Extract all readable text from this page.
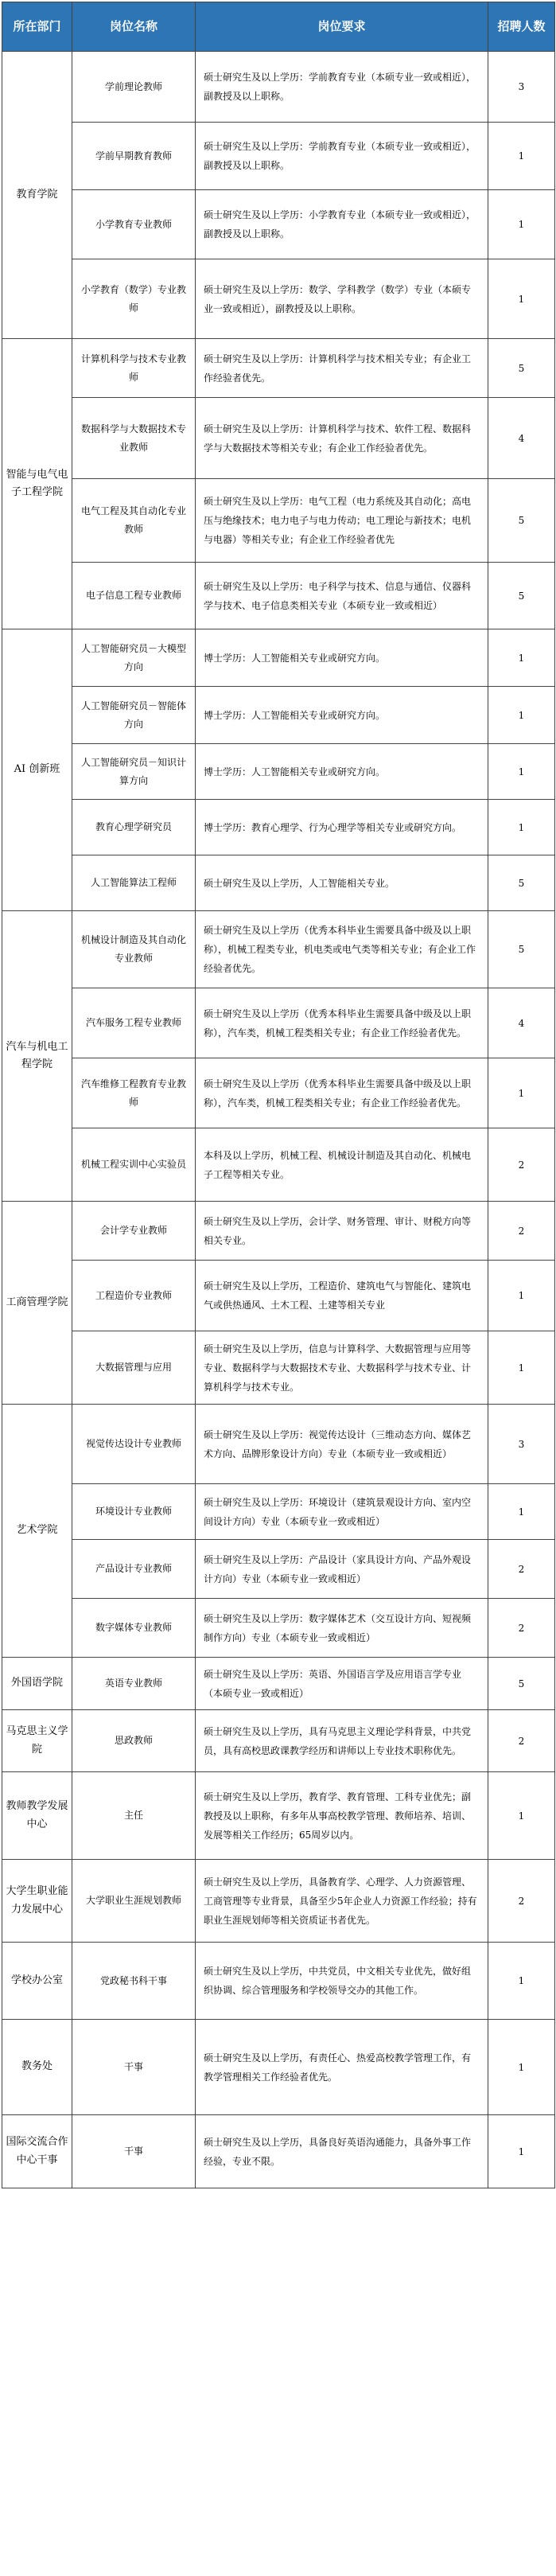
所在部门	岗位名称	岗位要求	招聘人数
教育学院	学前理论教师	硕士研究生及以上学历：学前教育专业（本硕专业一致或相近），副教授及以上职称。	3
	学前早期教育教师	硕士研究生及以上学历：学前教育专业（本硕专业一致或相近），副教授及以上职称。	1
	小学教育专业教师	硕士研究生及以上学历：小学教育专业（本硕专业一致或相近），副教授及以上职称。	1
	小学教育（数学）专业教师	硕士研究生及以上学历：数学、学科教学（数学）专业（本硕专业一致或相近），副教授及以上职称。	1
智能与电气电子工程学院	计算机科学与技术专业教师	硕士研究生及以上学历：计算机科学与技术相关专业；有企业工作经验者优先。	5
	数据科学与大数据技术专业教师	硕士研究生及以上学历：计算机科学与技术、软件工程、数据科学与大数据技术等相关专业；有企业工作经验者优先。	4
	电气工程及其自动化专业教师	硕士研究生及以上学历：电气工程（电力系统及其自动化；高电压与绝缘技术；电力电子与电力传动；电工理论与新技术；电机与电器）等相关专业；有企业工作经验者优先	5
	电子信息工程专业教师	硕士研究生及以上学历：电子科学与技术、信息与通信、仪器科学与技术、电子信息类相关专业（本硕专业一致或相近）	5
AI 创新班	人工智能研究员－大模型方向	博士学历：人工智能相关专业或研究方向。	1
	人工智能研究员－智能体方向	博士学历：人工智能相关专业或研究方向。	1
	人工智能研究员－知识计算方向	博士学历：人工智能相关专业或研究方向。	1
	教育心理学研究员	博士学历：教育心理学、行为心理学等相关专业或研究方向。	1
	人工智能算法工程师	硕士研究生及以上学历，人工智能相关专业。	5
汽车与机电工程学院	机械设计制造及其自动化专业教师	硕士研究生及以上学历（优秀本科毕业生需要具备中级及以上职称），机械工程类专业，机电类或电气类等相关专业；有企业工作经验者优先。	5
	汽车服务工程专业教师	硕士研究生及以上学历（优秀本科毕业生需要具备中级及以上职称），汽车类，机械工程类相关专业；有企业工作经验者优先。	4
	汽车维修工程教育专业教师	硕士研究生及以上学历（优秀本科毕业生需要具备中级及以上职称），汽车类，机械工程类相关专业；有企业工作经验者优先。	1
	机械工程实训中心实验员	本科及以上学历，机械工程、机械设计制造及其自动化、机械电子工程等相关专业。	2
工商管理学院	会计学专业教师	硕士研究生及以上学历，会计学、财务管理、审计、财税方向等相关专业。	2
	工程造价专业教师	硕士研究生及以上学历，工程造价、建筑电气与智能化、建筑电气或供热通风、土木工程、土建等相关专业	1
	大数据管理与应用	硕士研究生及以上学历，信息与计算科学、大数据管理与应用等专业、数据科学与大数据技术专业、大数据科学与技术专业、计算机科学与技术专业。	1
艺术学院	视觉传达设计专业教师	硕士研究生及以上学历：视觉传达设计（三维动态方向、媒体艺术方向、品牌形象设计方向）专业（本硕专业一致或相近）	3
	环境设计专业教师	硕士研究生及以上学历：环境设计（建筑景观设计方向、室内空间设计方向）专业（本硕专业一致或相近）	1
	产品设计专业教师	硕士研究生及以上学历：产品设计（家具设计方向、产品外观设计方向）专业（本硕专业一致或相近）	2
	数字媒体专业教师	硕士研究生及以上学历：数字媒体艺术（交互设计方向、短视频制作方向）专业（本硕专业一致或相近）	2
外国语学院	英语专业教师	硕士研究生及以上学历：英语、外国语言学及应用语言学专业（本硕专业一致或相近）	5
马克思主义学院	思政教师	硕士研究生及以上学历，具有马克思主义理论学科背景，中共党员，具有高校思政课教学经历和讲师以上专业技术职称优先。	2
教师教学发展中心	主任	硕士研究生及以上学历，教育学、教育管理、工科专业优先；副教授及以上职称，有多年从事高校教学管理、教师培养、培训、发展等相关工作经历；65周岁以内。	1
大学生职业能力发展中心	大学职业生涯规划教师	硕士研究生及以上学历，具备教育学、心理学、人力资源管理、工商管理等专业背景，具备至少5年企业人力资源工作经验；持有职业生涯规划师等相关资质证书者优先。	2
学校办公室	党政秘书科干事	硕士研究生及以上学历，中共党员，中文相关专业优先，做好组织协调、综合管理服务和学校领导交办的其他工作。	1
教务处	干事	硕士研究生及以上学历，有责任心、热爱高校教学管理工作，有教学管理相关工作经验者优先。	1
国际交流合作中心干事	干事	硕士研究生及以上学历，具备良好英语沟通能力，具备外事工作经验，专业不限。	1
